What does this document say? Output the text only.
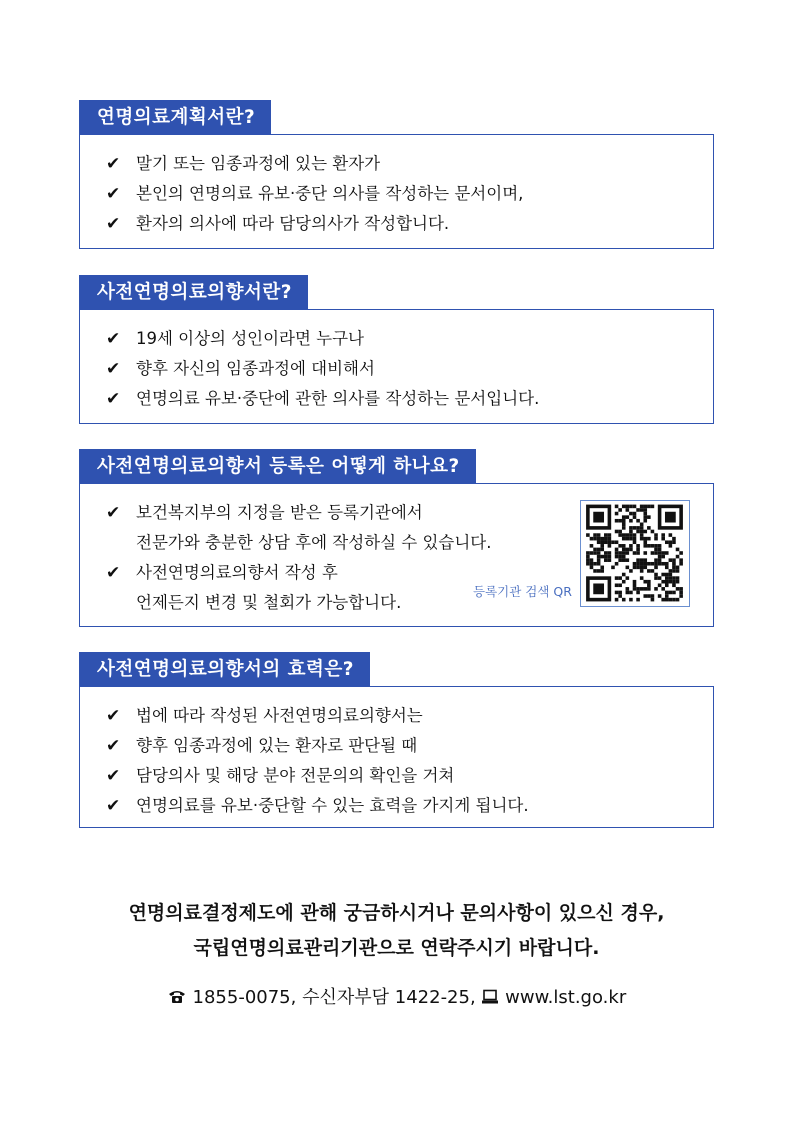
연명의료계획서란?
✔ 말기 또는 임종과정에 있는 환자가
✔ 본인의 연명의료 유보·중단 의사를 작성하는 문서이며,
✔ 환자의 의사에 따라 담당의사가 작성합니다.
사전연명의료의향서란?
✔ 19세 이상의 성인이라면 누구나
✔ 향후 자신의 임종과정에 대비해서
✔ 연명의료 유보·중단에 관한 의사를 작성하는 문서입니다.
사전연명의료의향서 등록은 어떻게 하나요?
✔ 보건복지부의 지정을 받은 등록기관에서
전문가와 충분한 상담 후에 작성하실 수 있습니다.
✔ 사전연명의료의향서 작성 후
언제든지 변경 및 철회가 가능합니다.
등록기관 검색 QR
사전연명의료의향서의 효력은?
✔ 법에 따라 작성된 사전연명의료의향서는
✔ 향후 임종과정에 있는 환자로 판단될 때
✔ 담당의사 및 해당 분야 전문의의 확인을 거쳐
✔ 연명의료를 유보·중단할 수 있는 효력을 가지게 됩니다.
연명의료결정제도에 관해 궁금하시거나 문의사항이 있으신 경우,
국립연명의료관리기관으로 연락주시기 바랍니다.
1855-0075, 수신자부담 1422-25, www.lst.go.kr
